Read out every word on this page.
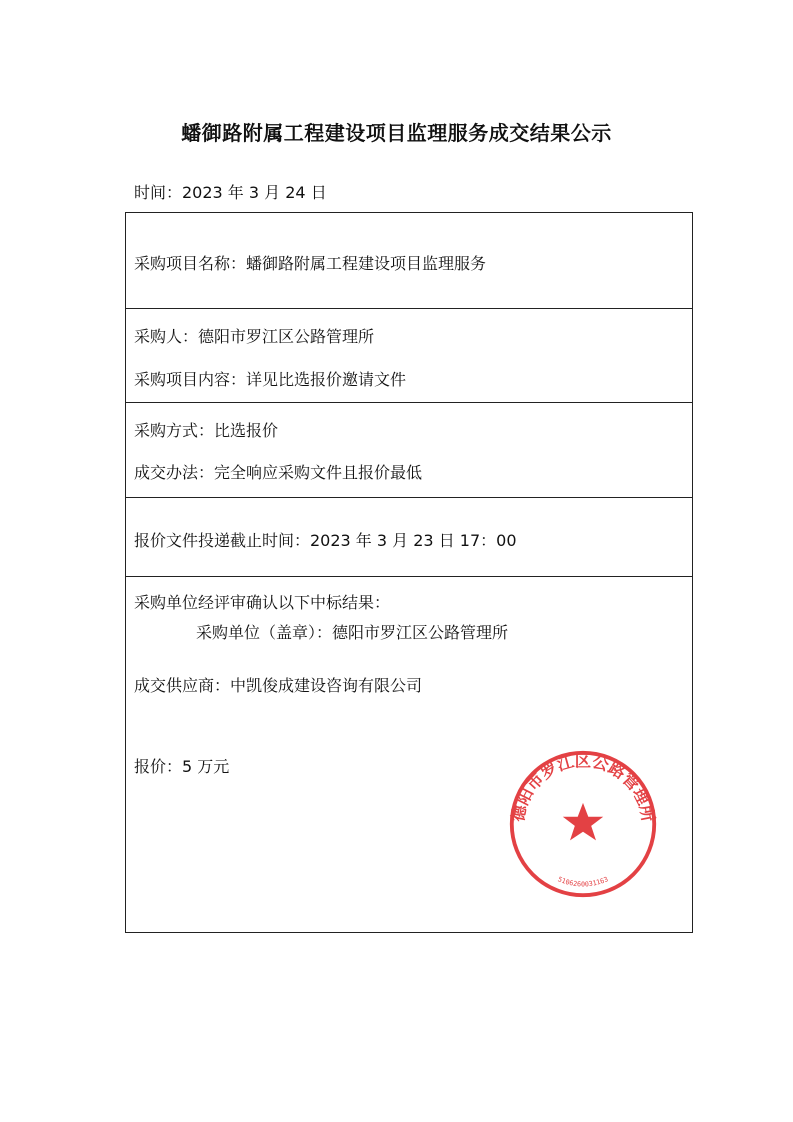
蟠御路附属工程建设项目监理服务成交结果公示
时间：2023 年 3 月 24 日
采购项目名称：蟠御路附属工程建设项目监理服务
采购人：德阳市罗江区公路管理所
采购项目内容：详见比选报价邀请文件
采购方式：比选报价
成交办法：完全响应采购文件且报价最低
报价文件投递截止时间：2023 年 3 月 23 日 17：00
采购单位经评审确认以下中标结果：
成交供应商：中凯俊成建设咨询有限公司
报价：5 万元
采购单位（盖章）：德阳市罗江区公路管理所
德阳市罗江区公路管理所
5106260031163
